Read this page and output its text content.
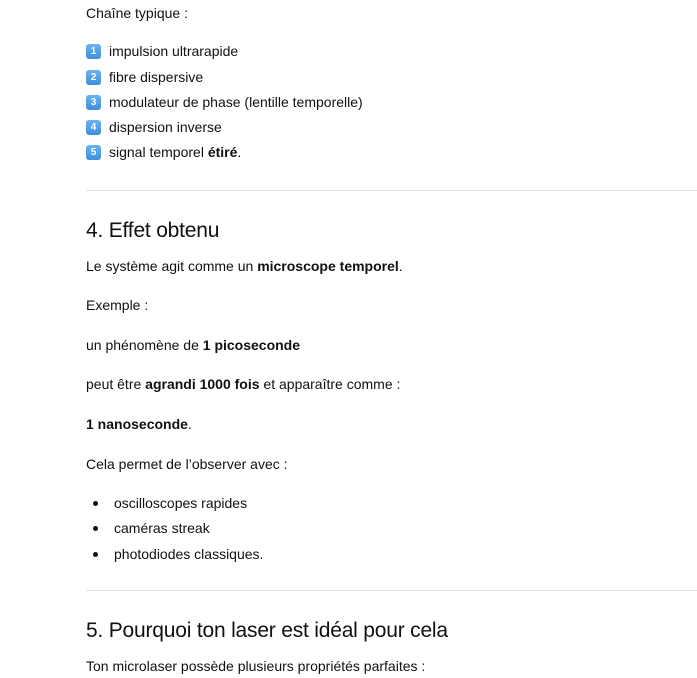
Chaîne typique :
1 impulsion ultrarapide
2 fibre dispersive
3 modulateur de phase (lentille temporelle)
4 dispersion inverse
5 signal temporel étiré.
4. Effet obtenu
Le système agit comme un microscope temporel.
Exemple :
un phénomène de 1 picoseconde
peut être agrandi 1000 fois et apparaître comme :
1 nanoseconde.
Cela permet de l’observer avec :
oscilloscopes rapides
caméras streak
photodiodes classiques.
5. Pourquoi ton laser est idéal pour cela
Ton microlaser possède plusieurs propriétés parfaites :
